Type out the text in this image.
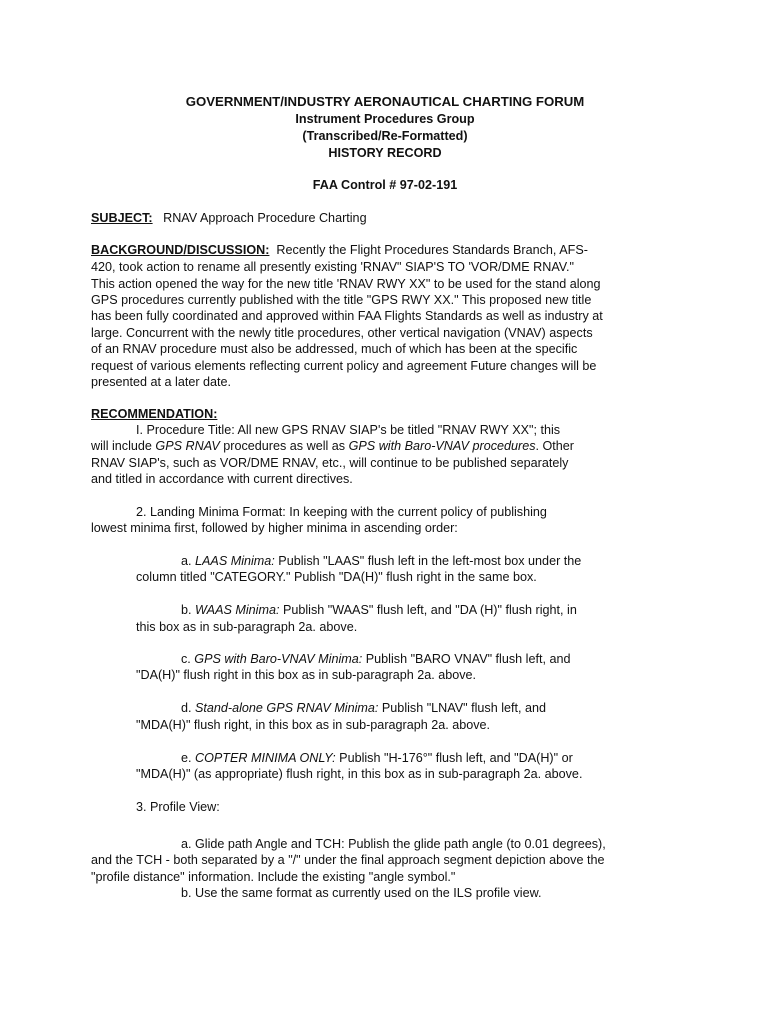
GOVERNMENT/INDUSTRY AERONAUTICAL CHARTING FORUM
Instrument Procedures Group
(Transcribed/Re-Formatted)
HISTORY RECORD
FAA Control # 97-02-191
SUBJECT: RNAV Approach Procedure Charting
BACKGROUND/DISCUSSION: Recently the Flight Procedures Standards Branch, AFS-
420, took action to rename all presently existing 'RNAV" SIAP'S TO 'VOR/DME RNAV."
This action opened the way for the new title 'RNAV RWY XX" to be used for the stand along
GPS procedures currently published with the title "GPS RWY XX." This proposed new title
has been fully coordinated and approved within FAA Flights Standards as well as industry at
large. Concurrent with the newly title procedures, other vertical navigation (VNAV) aspects
of an RNAV procedure must also be addressed, much of which has been at the specific
request of various elements reflecting current policy and agreement Future changes will be
presented at a later date.
RECOMMENDATION:
I. Procedure Title: All new GPS RNAV SIAP's be titled "RNAV RWY XX"; this
will include GPS RNAV procedures as well as GPS with Baro-VNAV procedures. Other
RNAV SIAP's, such as VOR/DME RNAV, etc., will continue to be published separately
and titled in accordance with current directives.
2. Landing Minima Format: In keeping with the current policy of publishing
lowest minima first, followed by higher minima in ascending order:
a. LAAS Minima: Publish "LAAS" flush left in the left-most box under the
column titled "CATEGORY." Publish "DA(H)" flush right in the same box.
b. WAAS Minima: Publish "WAAS" flush left, and "DA (H)" flush right, in
this box as in sub-paragraph 2a. above.
c. GPS with Baro-VNAV Minima: Publish "BARO VNAV" flush left, and
"DA(H)" flush right in this box as in sub-paragraph 2a. above.
d. Stand-alone GPS RNAV Minima: Publish "LNAV" flush left, and
"MDA(H)" flush right, in this box as in sub-paragraph 2a. above.
e. COPTER MINIMA ONLY: Publish "H-176°" flush left, and "DA(H)" or
"MDA(H)" (as appropriate) flush right, in this box as in sub-paragraph 2a. above.
3. Profile View:
a. Glide path Angle and TCH: Publish the glide path angle (to 0.01 degrees),
and the TCH - both separated by a "/" under the final approach segment depiction above the
"profile distance" information. Include the existing "angle symbol."
b. Use the same format as currently used on the ILS profile view.
